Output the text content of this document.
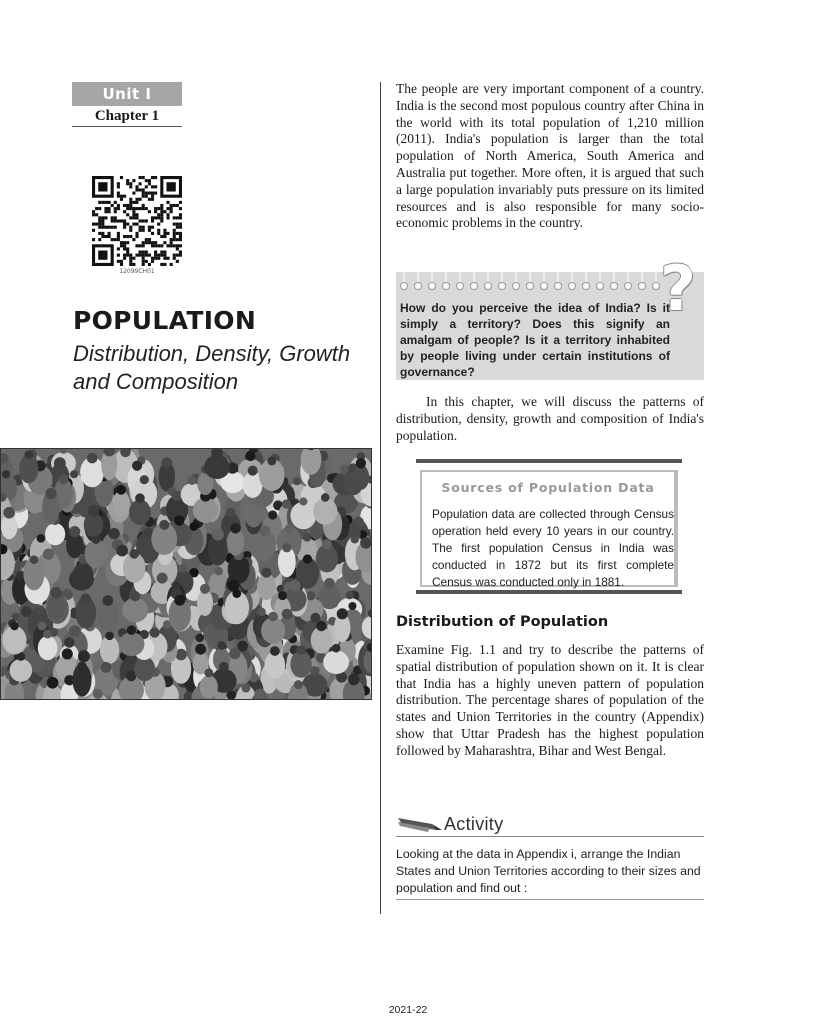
Unit I
Chapter 1
12099CH01
POPULATION
Distribution, Density, Growth and Composition
The people are very important component of a country. India is the second most populous country after China in the world with its total population of 1,210 million (2011). India's population is larger than the total population of North America, South America and Australia put together. More often, it is argued that such a large population invariably puts pressure on its limited resources and is also responsible for many socio-economic problems in the country.
?
How do you perceive the idea of India? Is it simply a territory? Does this signify an amalgam of people? Is it a territory inhabited by people living under certain institutions of governance?
In this chapter, we will discuss the patterns of distribution, density, growth and composition of India's population.
Sources of Population Data
Population data are collected through Census operation held every 10 years in our country. The first population Census in India was conducted in 1872 but its first complete Census was conducted only in 1881.
Distribution of Population
Examine Fig. 1.1 and try to describe the patterns of spatial distribution of population shown on it. It is clear that India has a highly uneven pattern of population distribution. The percentage shares of population of the states and Union Territories in the country (Appendix) show that Uttar Pradesh has the highest population followed by Maharashtra, Bihar and West Bengal.
Activity
Looking at the data in Appendix i, arrange the Indian States and Union Territories according to their sizes and population and find out :
2021-22
